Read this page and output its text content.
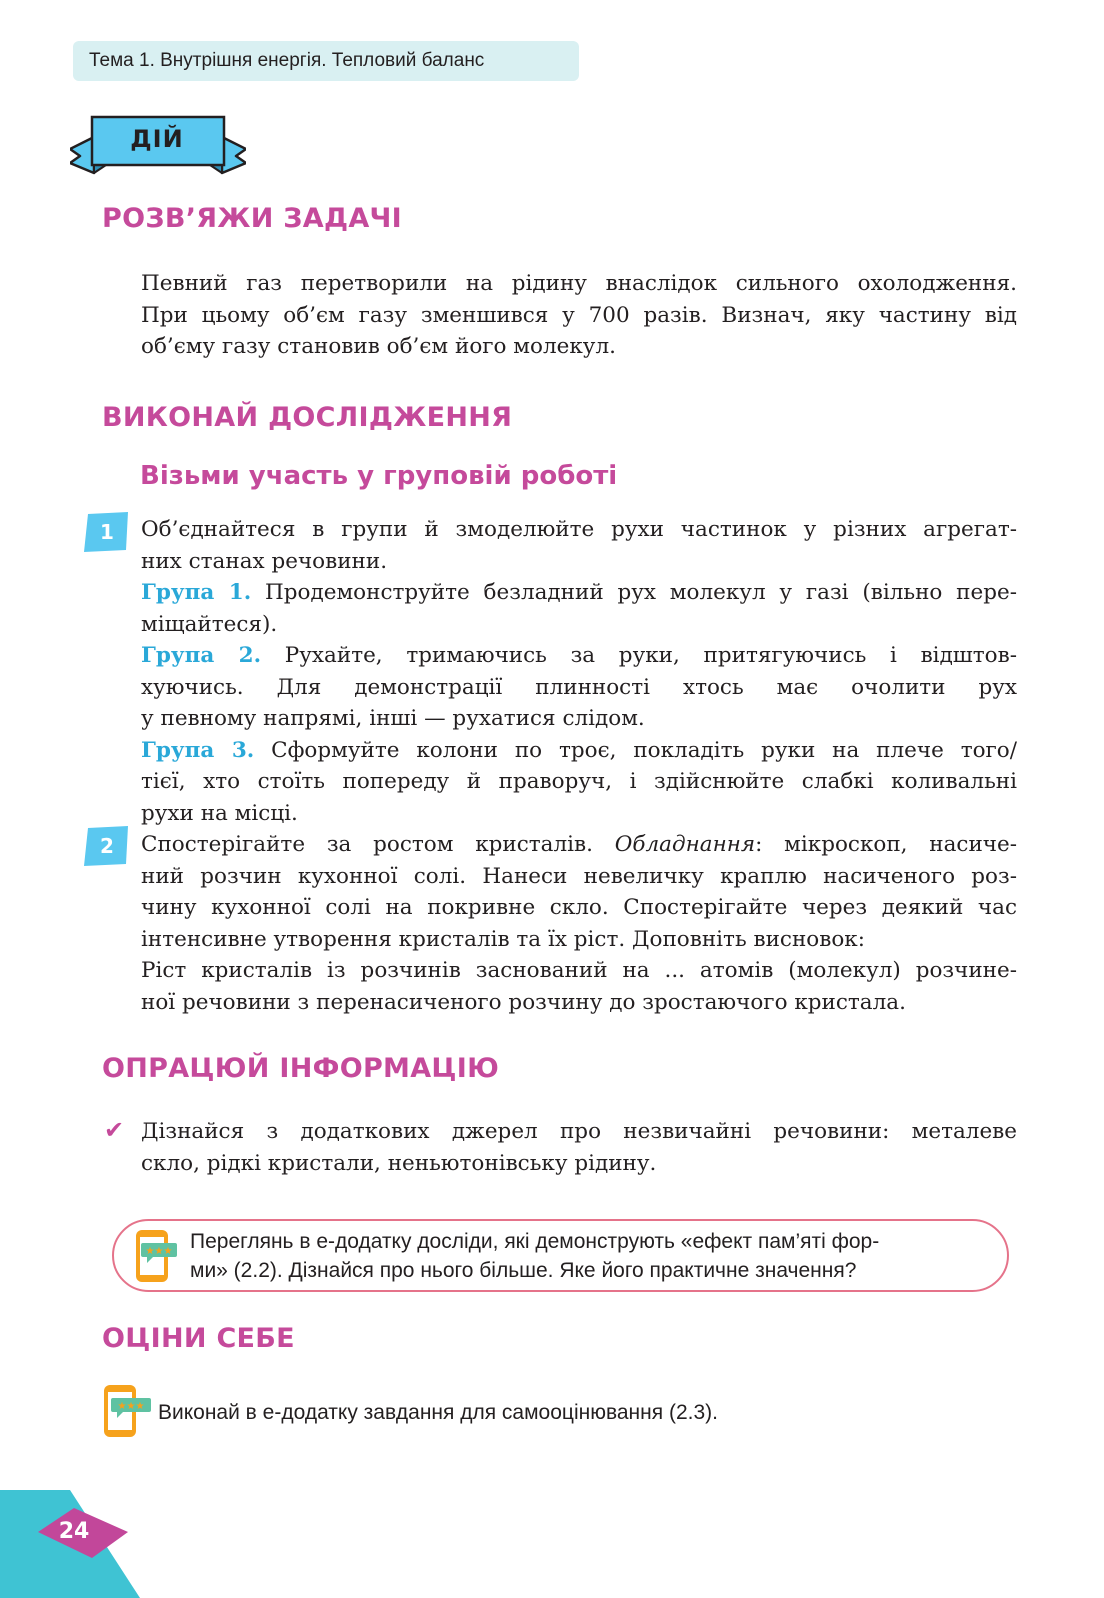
Тема 1. Внутрішня енергія. Тепловий баланс
ДІЙ
РОЗВ’ЯЖИ ЗАДАЧІ
Певний газ перетворили на рідину внаслідок сильного охолодження.
При цьому об’єм газу зменшився у 700 разів. Визнач, яку частину від
об’єму газу становив об’єм його молекул.
ВИКОНАЙ ДОСЛІДЖЕННЯ
Візьми участь у груповій роботі
1	Об’єднайтеся в групи й змоделюйте рухи частинок у різних агрегат-
них станах речовини.
Група 1. Продемонструйте безладний рух молекул у газі (вільно пере-
міщайтеся).
Група 2. Рухайте, тримаючись за руки, притягуючись і відштов-
хуючись. Для демонстрації плинності хтось має очолити рух
у певному напрямі, інші — рухатися слідом.
Група 3. Сформуйте колони по троє, покладіть руки на плече того/
тієї, хто стоїть попереду й праворуч, і здійснюйте слабкі коливальні
рухи на місці.
2	Спостерігайте за ростом кристалів. Обладнання: мікроскоп, насиче-
ний розчин кухонної солі. Нанеси невеличку краплю насиченого роз-
чину кухонної солі на покривне скло. Спостерігайте через деякий час
інтенсивне утворення кристалів та їх ріст. Доповніть висновок:
Ріст кристалів із розчинів заснований на ... атомів (молекул) розчине-
ної речовини з перенасиченого розчину до зростаючого кристала.
ОПРАЦЮЙ ІНФОРМАЦІЮ
✔ Дізнайся з додаткових джерел про незвичайні речовини: металеве
скло, рідкі кристали, неньютонівську рідину.
★★★ Переглянь в е-додатку досліди, які демонструють «ефект пам’яті фор-
ми» (2.2). Дізнайся про нього більше. Яке його практичне значення?
ОЦІНИ СЕБЕ
★★★ Виконай в е-додатку завдання для самооцінювання (2.3).

24
